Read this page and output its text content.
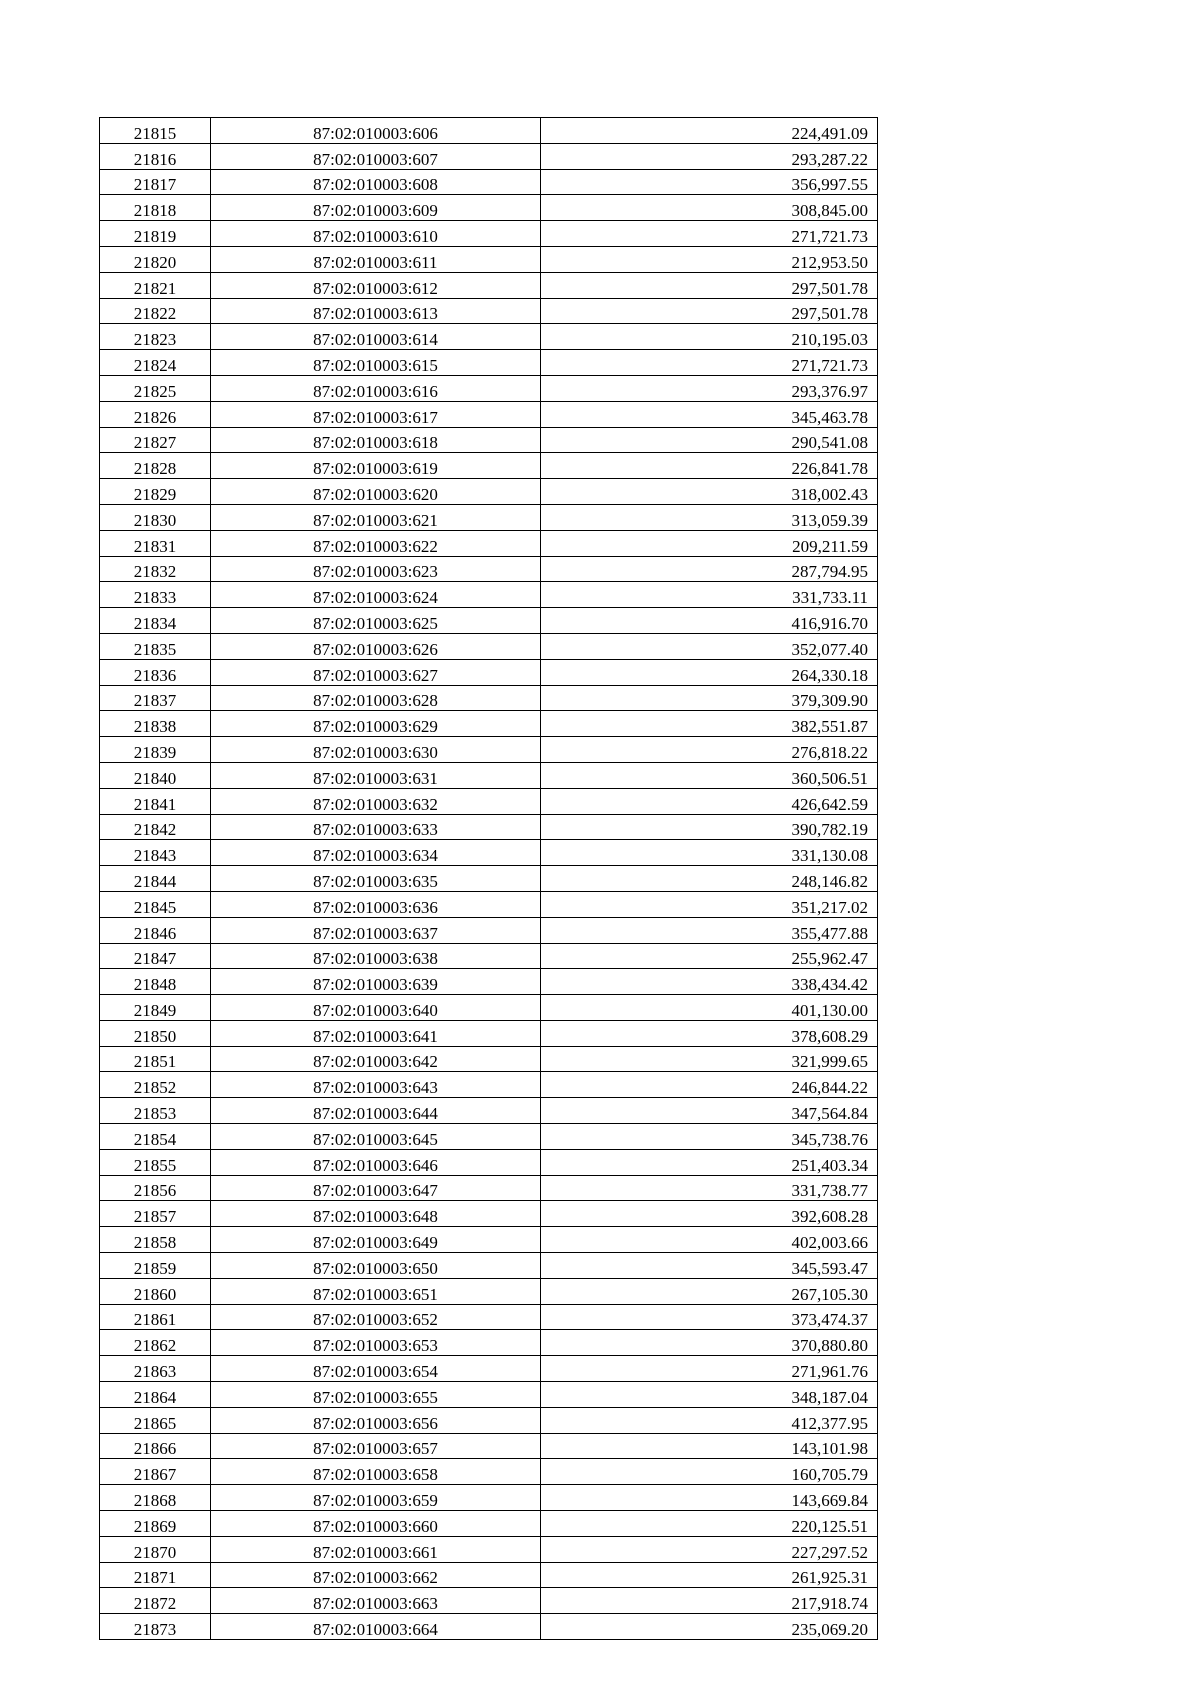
21815	87:02:010003:606	224,491.09
21816	87:02:010003:607	293,287.22
21817	87:02:010003:608	356,997.55
21818	87:02:010003:609	308,845.00
21819	87:02:010003:610	271,721.73
21820	87:02:010003:611	212,953.50
21821	87:02:010003:612	297,501.78
21822	87:02:010003:613	297,501.78
21823	87:02:010003:614	210,195.03
21824	87:02:010003:615	271,721.73
21825	87:02:010003:616	293,376.97
21826	87:02:010003:617	345,463.78
21827	87:02:010003:618	290,541.08
21828	87:02:010003:619	226,841.78
21829	87:02:010003:620	318,002.43
21830	87:02:010003:621	313,059.39
21831	87:02:010003:622	209,211.59
21832	87:02:010003:623	287,794.95
21833	87:02:010003:624	331,733.11
21834	87:02:010003:625	416,916.70
21835	87:02:010003:626	352,077.40
21836	87:02:010003:627	264,330.18
21837	87:02:010003:628	379,309.90
21838	87:02:010003:629	382,551.87
21839	87:02:010003:630	276,818.22
21840	87:02:010003:631	360,506.51
21841	87:02:010003:632	426,642.59
21842	87:02:010003:633	390,782.19
21843	87:02:010003:634	331,130.08
21844	87:02:010003:635	248,146.82
21845	87:02:010003:636	351,217.02
21846	87:02:010003:637	355,477.88
21847	87:02:010003:638	255,962.47
21848	87:02:010003:639	338,434.42
21849	87:02:010003:640	401,130.00
21850	87:02:010003:641	378,608.29
21851	87:02:010003:642	321,999.65
21852	87:02:010003:643	246,844.22
21853	87:02:010003:644	347,564.84
21854	87:02:010003:645	345,738.76
21855	87:02:010003:646	251,403.34
21856	87:02:010003:647	331,738.77
21857	87:02:010003:648	392,608.28
21858	87:02:010003:649	402,003.66
21859	87:02:010003:650	345,593.47
21860	87:02:010003:651	267,105.30
21861	87:02:010003:652	373,474.37
21862	87:02:010003:653	370,880.80
21863	87:02:010003:654	271,961.76
21864	87:02:010003:655	348,187.04
21865	87:02:010003:656	412,377.95
21866	87:02:010003:657	143,101.98
21867	87:02:010003:658	160,705.79
21868	87:02:010003:659	143,669.84
21869	87:02:010003:660	220,125.51
21870	87:02:010003:661	227,297.52
21871	87:02:010003:662	261,925.31
21872	87:02:010003:663	217,918.74
21873	87:02:010003:664	235,069.20
